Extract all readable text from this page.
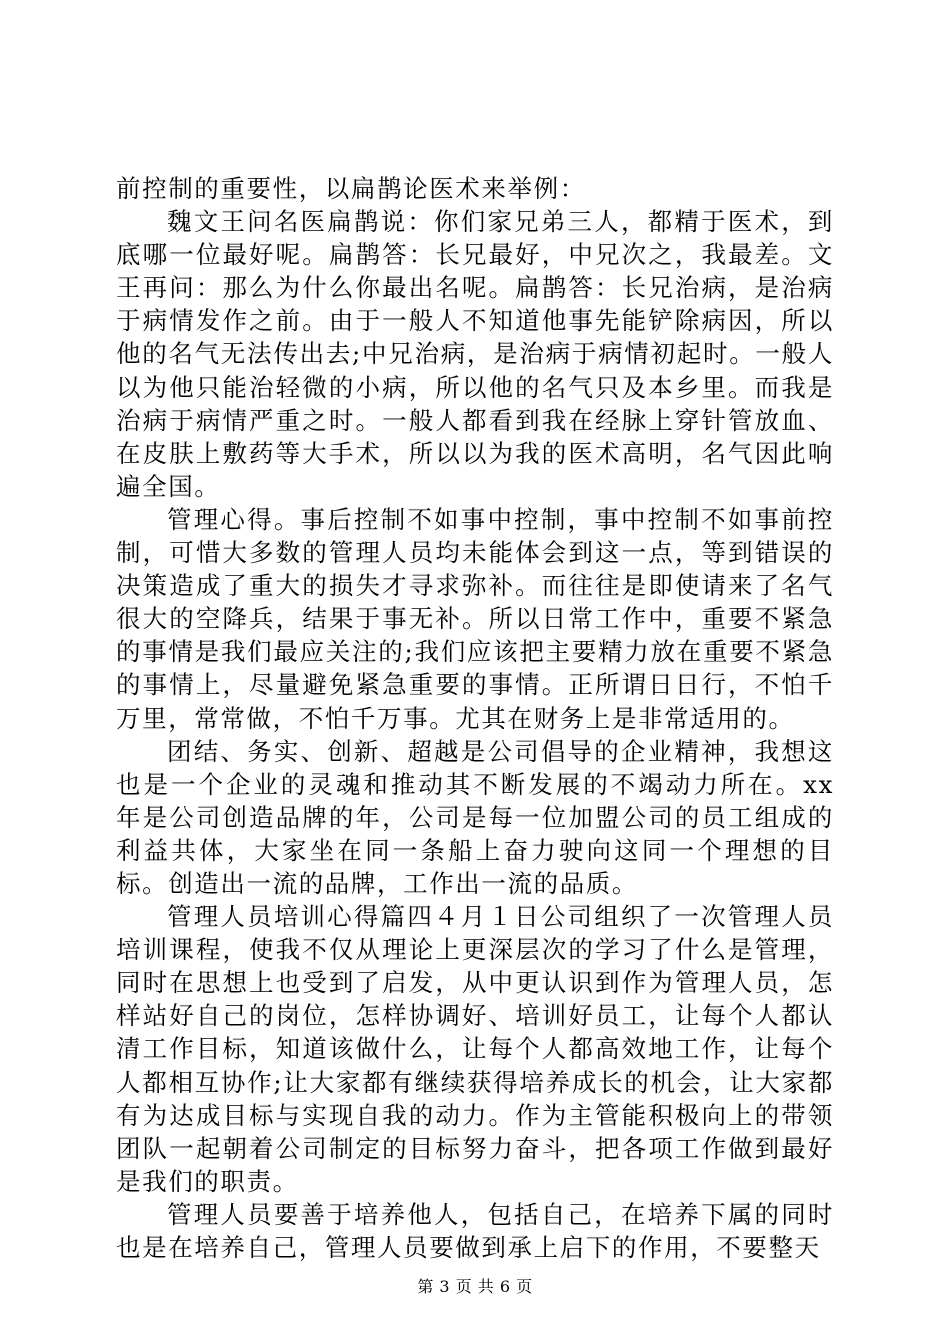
前控制的重要性，以扁鹊论医术来举例：

魏文王问名医扁鹊说：你们家兄弟三人，都精于医术，到底哪一位最好呢。扁鹊答：长兄最好，中兄次之，我最差。文王再问：那么为什么你最出名呢。扁鹊答：长兄治病，是治病于病情发作之前。由于一般人不知道他事先能铲除病因，所以他的名气无法传出去;中兄治病，是治病于病情初起时。一般人以为他只能治轻微的小病，所以他的名气只及本乡里。而我是治病于病情严重之时。一般人都看到我在经脉上穿针管放血、在皮肤上敷药等大手术，所以以为我的医术高明，名气因此响遍全国。

管理心得。事后控制不如事中控制，事中控制不如事前控制，可惜大多数的管理人员均未能体会到这一点，等到错误的决策造成了重大的损失才寻求弥补。而往往是即使请来了名气很大的空降兵，结果于事无补。所以日常工作中，重要不紧急的事情是我们最应关注的;我们应该把主要精力放在重要不紧急的事情上，尽量避免紧急重要的事情。正所谓日日行，不怕千万里，常常做，不怕千万事。尤其在财务上是非常适用的。

团结、务实、创新、超越是公司倡导的企业精神，我想这也是一个企业的灵魂和推动其不断发展的不竭动力所在。xx 年是公司创造品牌的年，公司是每一位加盟公司的员工组成的利益共体，大家坐在同一条船上奋力驶向这同一个理想的目标。创造出一流的品牌，工作出一流的品质。

管理人员培训心得篇四４月１日公司组织了一次管理人员培训课程，使我不仅从理论上更深层次的学习了什么是管理，同时在思想上也受到了启发，从中更认识到作为管理人员，怎样站好自己的岗位，怎样协调好、培训好员工，让每个人都认清工作目标，知道该做什么，让每个人都高效地工作，让每个人都相互协作;让大家都有继续获得培养成长的机会，让大家都有为达成目标与实现自我的动力。作为主管能积极向上的带领团队一起朝着公司制定的目标努力奋斗，把各项工作做到最好是我们的职责。

管理人员要善于培养他人，包括自己，在培养下属的同时也是在培养自己，管理人员要做到承上启下的作用，不要整天

第 3 页 共 6 页
